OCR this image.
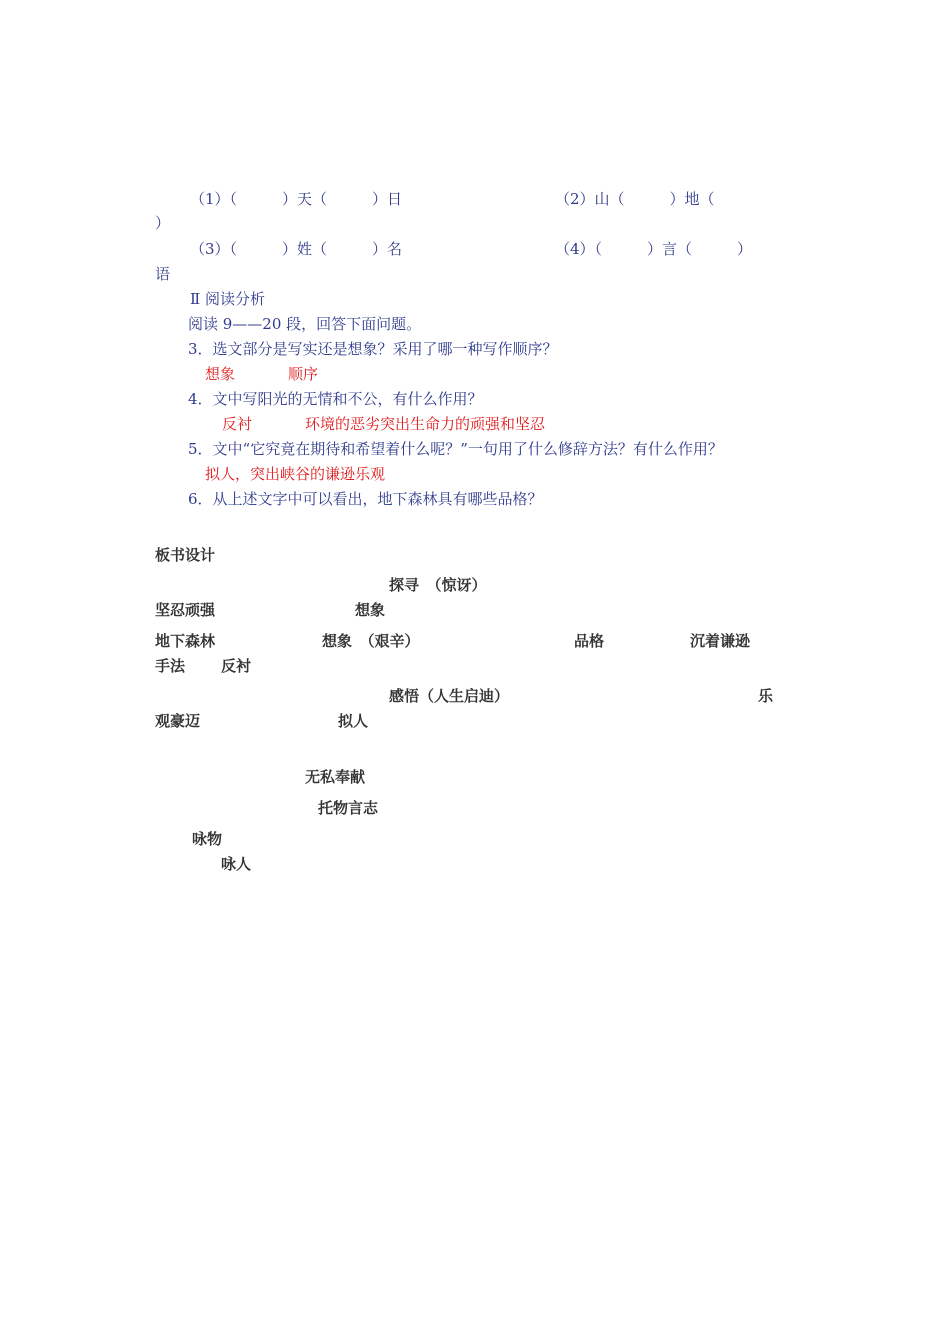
（1）（　　　）天（　　　）日	（2）山（　　　）地（
）
（3）（　　　）姓（　　　）名	（4）（　　　）言（　　　）
语
Ⅱ 阅读分析
阅读 9——20 段，回答下面问题。
3．选文部分是写实还是想象？采用了哪一种写作顺序？
想象	顺序
4．文中写阳光的无情和不公，有什么作用？
反衬	环境的恶劣突出生命力的顽强和坚忍
5．文中“它究竟在期待和希望着什么呢？”一句用了什么修辞方法？有什么作用？
拟人，突出峡谷的谦逊乐观
6．从上述文字中可以看出，地下森林具有哪些品格？
板书设计
探寻　（惊讶）
坚忍顽强	想象
地下森林	想象　（艰辛）	品格	沉着谦逊
手法 反衬
感悟（人生启迪）	乐
观豪迈	拟人
无私奉献
托物言志
咏物
咏人
